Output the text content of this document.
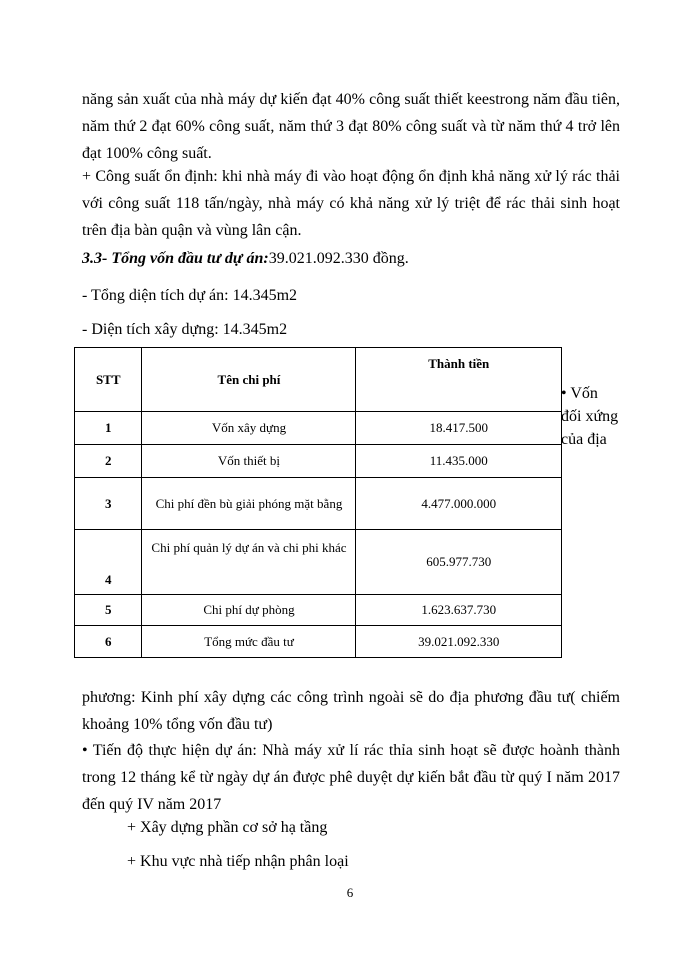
năng sản xuất của nhà máy dự kiến đạt 40% công suất thiết keestrong năm đầu tiên, năm thứ 2 đạt 60% công suất, năm thứ 3 đạt 80% công suất và từ năm thứ 4 trở lên đạt 100% công suất.

+ Công suất ổn định: khi nhà máy đi vào hoạt động ổn định khả năng xử lý rác thải với công suất 118 tấn/ngày, nhà máy có khả năng xử lý triệt để rác thải sinh hoạt trên địa bàn quận và vùng lân cận.

3.3- Tổng vốn đầu tư dự án:39.021.092.330 đồng.
- Tổng diện tích dự án: 14.345m2
- Diện tích xây dựng: 14.345m2
STT	Tên chi phí	Thành tiền
1	Vốn xây dựng	18.417.500
2	Vốn thiết bị	11.435.000
3	Chi phí đền bù giải phóng mặt bằng	4.477.000.000
4	Chi phí quản lý dự án và chi phi khác	605.977.730
5	Chi phí dự phòng	1.623.637.730
6	Tổng mức đầu tư	39.021.092.330
• Vốn đối xứng của địa

phương: Kinh phí xây dựng các công trình ngoài sẽ do địa phương đầu tư( chiếm khoảng 10% tổng vốn đầu tư)

• Tiến độ thực hiện dự án: Nhà máy xử lí rác thỉa sinh hoạt sẽ được hoành thành trong 12 tháng kể từ ngày dự án được phê duyệt dự kiến bắt đầu từ quý I năm 2017 đến quý IV năm 2017

+ Xây dựng phần cơ sở hạ tầng
+ Khu vực nhà tiếp nhận phân loại
6
